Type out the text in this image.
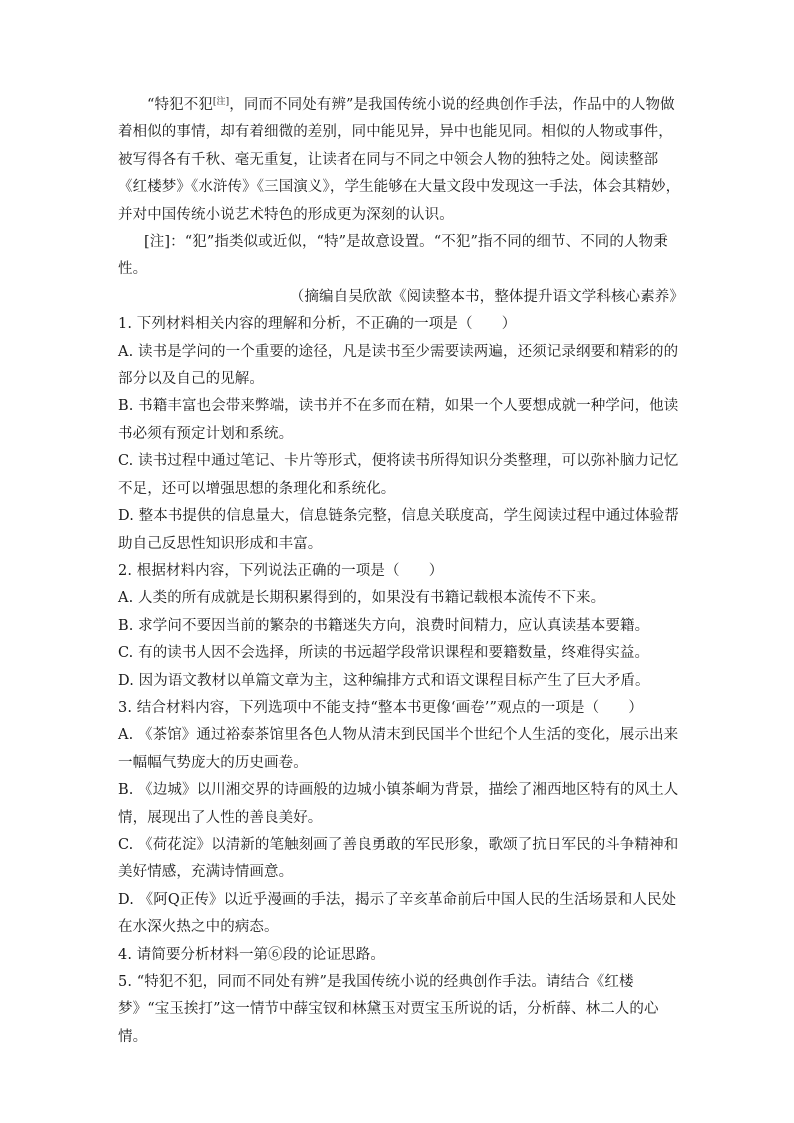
“特犯不犯[注]，同而不同处有辨”是我国传统小说的经典创作手法，作品中的人物做着相似的事情，却有着细微的差别，同中能见异，异中也能见同。相似的人物或事件，被写得各有千秋、毫无重复，让读者在同与不同之中领会人物的独特之处。阅读整部《红楼梦》《水浒传》《三国演义》，学生能够在大量文段中发现这一手法，体会其精妙，并对中国传统小说艺术特色的形成更为深刻的认识。

[注]：“犯”指类似或近似，“特”是故意设置。“不犯”指不同的细节、不同的人物秉性。

（摘编自吴欣歆《阅读整本书，整体提升语文学科核心素养》

1. 下列材料相关内容的理解和分析，不正确的一项是（　　）

A. 读书是学问的一个重要的途径，凡是读书至少需要读两遍，还须记录纲要和精彩的的部分以及自己的见解。

B. 书籍丰富也会带来弊端，读书并不在多而在精，如果一个人要想成就一种学问，他读书必须有预定计划和系统。

C. 读书过程中通过笔记、卡片等形式，便将读书所得知识分类整理，可以弥补脑力记忆不足，还可以增强思想的条理化和系统化。

D. 整本书提供的信息量大，信息链条完整，信息关联度高，学生阅读过程中通过体验帮助自己反思性知识形成和丰富。

2. 根据材料内容，下列说法正确的一项是（　　）

A. 人类的所有成就是长期积累得到的，如果没有书籍记载根本流传不下来。

B. 求学问不要因当前的繁杂的书籍迷失方向，浪费时间精力，应认真读基本要籍。

C. 有的读书人因不会选择，所读的书远超学段常识课程和要籍数量，终难得实益。

D. 因为语文教材以单篇文章为主，这种编排方式和语文课程目标产生了巨大矛盾。

3. 结合材料内容，下列选项中不能支持“整本书更像‘画卷’”观点的一项是（　　）

A. 《茶馆》通过裕泰茶馆里各色人物从清末到民国半个世纪个人生活的变化，展示出来一幅幅气势庞大的历史画卷。

B. 《边城》以川湘交界的诗画般的边城小镇茶峒为背景，描绘了湘西地区特有的风土人情，展现出了人性的善良美好。

C. 《荷花淀》以清新的笔触刻画了善良勇敢的军民形象，歌颂了抗日军民的斗争精神和美好情感，充满诗情画意。

D. 《阿Q正传》以近乎漫画的手法，揭示了辛亥革命前后中国人民的生活场景和人民处在水深火热之中的病态。

4. 请简要分析材料一第⑥段的论证思路。

5. “特犯不犯，同而不同处有辨”是我国传统小说的经典创作手法。请结合《红楼梦》“宝玉挨打”这一情节中薛宝钗和林黛玉对贾宝玉所说的话，分析薛、林二人的心情。
